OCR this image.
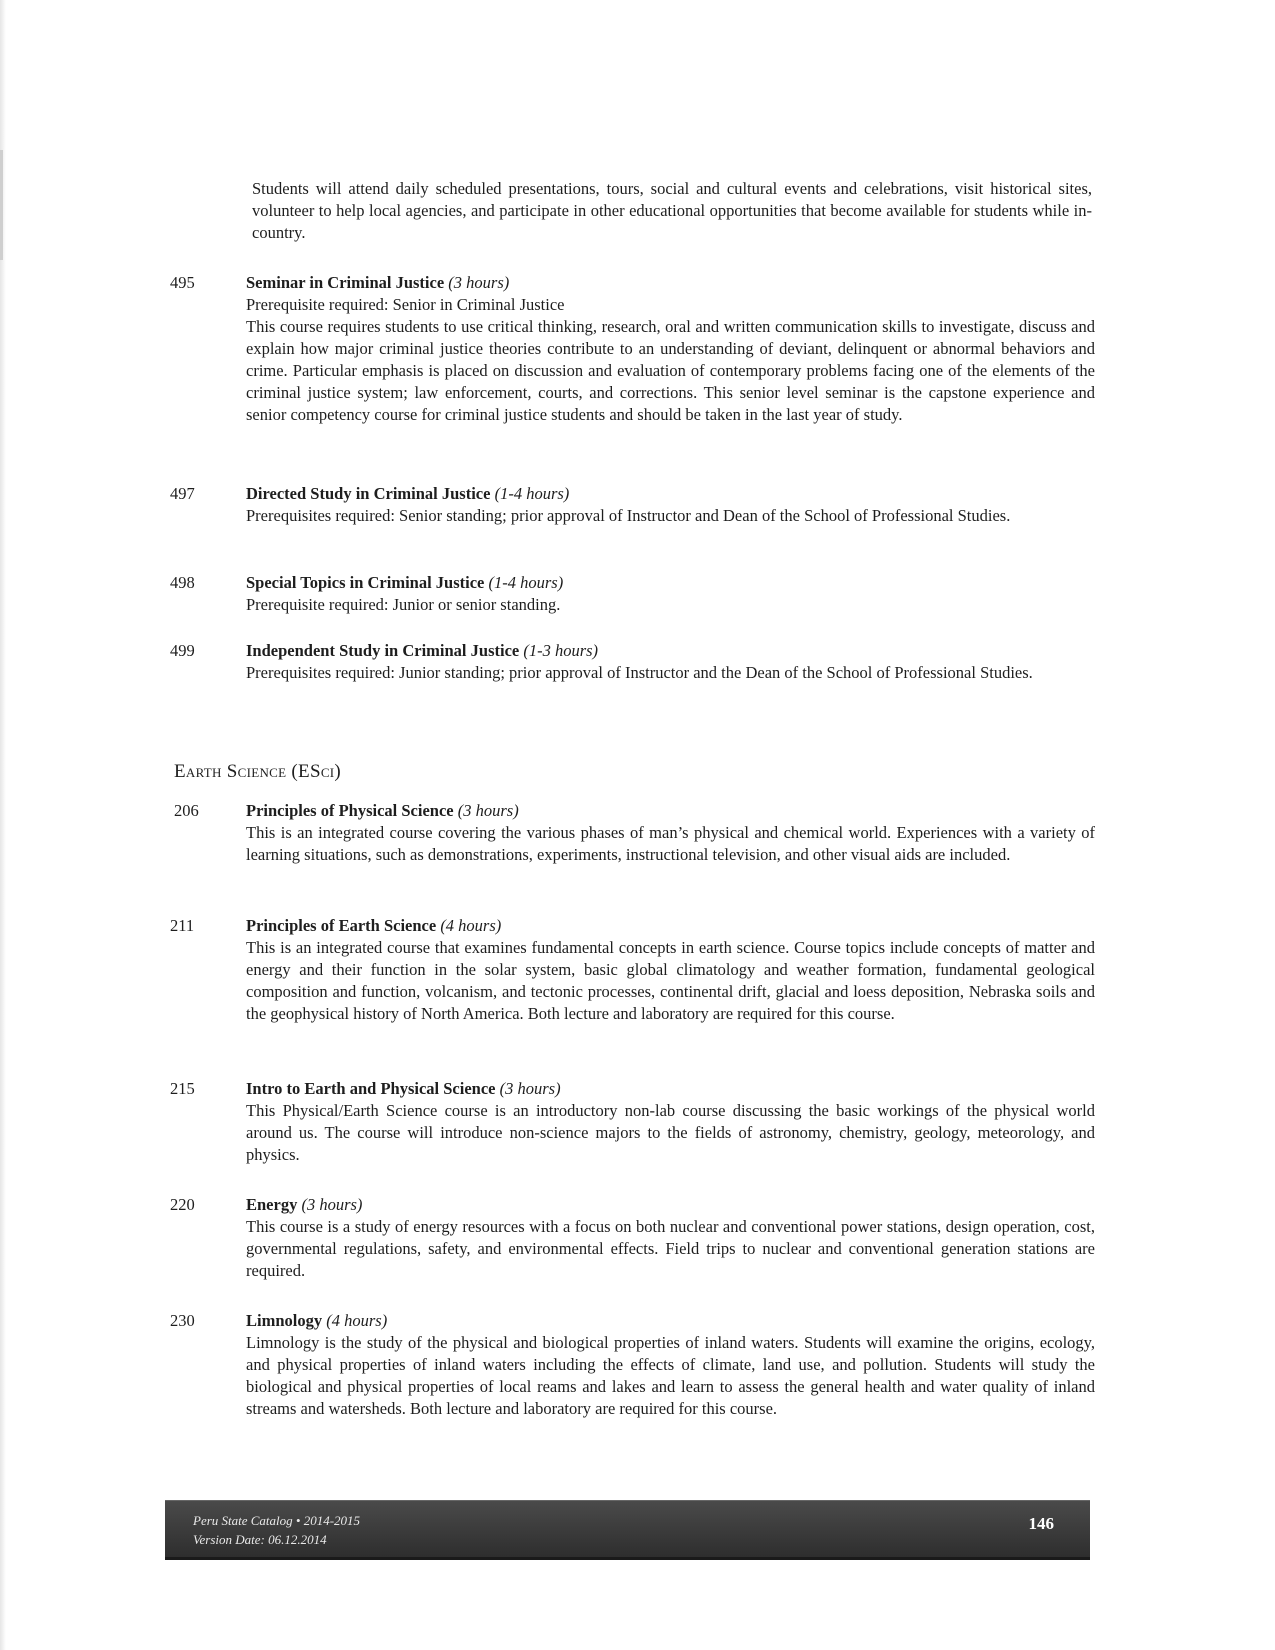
Students will attend daily scheduled presentations, tours, social and cultural events and celebrations, visit historical sites, volunteer to help local agencies, and participate in other educational opportunities that become available for students while in-country.
495	Seminar in Criminal Justice (3 hours)
Prerequisite required: Senior in Criminal Justice
This course requires students to use critical thinking, research, oral and written communication skills to investigate, discuss and explain how major criminal justice theories contribute to an understanding of deviant, delinquent or abnormal behaviors and crime. Particular emphasis is placed on discussion and evaluation of contemporary problems facing one of the elements of the criminal justice system; law enforcement, courts, and corrections. This senior level seminar is the capstone experience and senior competency course for criminal justice students and should be taken in the last year of study.
497	Directed Study in Criminal Justice (1-4 hours)
Prerequisites required: Senior standing; prior approval of Instructor and Dean of the School of Professional Studies.
498	Special Topics in Criminal Justice (1-4 hours)
Prerequisite required: Junior or senior standing.
499	Independent Study in Criminal Justice (1-3 hours)
Prerequisites required: Junior standing; prior approval of Instructor and the Dean of the School of Professional Studies.
Earth Science (ESci)
206	Principles of Physical Science (3 hours)
This is an integrated course covering the various phases of man’s physical and chemical world. Experiences with a variety of learning situations, such as demonstrations, experiments, instructional television, and other visual aids are included.
211	Principles of Earth Science (4 hours)
This is an integrated course that examines fundamental concepts in earth science. Course topics include concepts of matter and energy and their function in the solar system, basic global climatology and weather formation, fundamental geological composition and function, volcanism, and tectonic processes, continental drift, glacial and loess deposition, Nebraska soils and the geophysical history of North America. Both lecture and laboratory are required for this course.
215	Intro to Earth and Physical Science (3 hours)
This Physical/Earth Science course is an introductory non-lab course discussing the basic workings of the physical world around us. The course will introduce non-science majors to the fields of astronomy, chemistry, geology, meteorology, and physics.
220	Energy (3 hours)
This course is a study of energy resources with a focus on both nuclear and conventional power stations, design operation, cost, governmental regulations, safety, and environmental effects. Field trips to nuclear and conventional generation stations are required.
230	Limnology (4 hours)
Limnology is the study of the physical and biological properties of inland waters. Students will examine the origins, ecology, and physical properties of inland waters including the effects of climate, land use, and pollution. Students will study the biological and physical properties of local reams and lakes and learn to assess the general health and water quality of inland streams and watersheds. Both lecture and laboratory are required for this course.
Peru State Catalog • 2014-2015
Version Date: 06.12.2014
146
